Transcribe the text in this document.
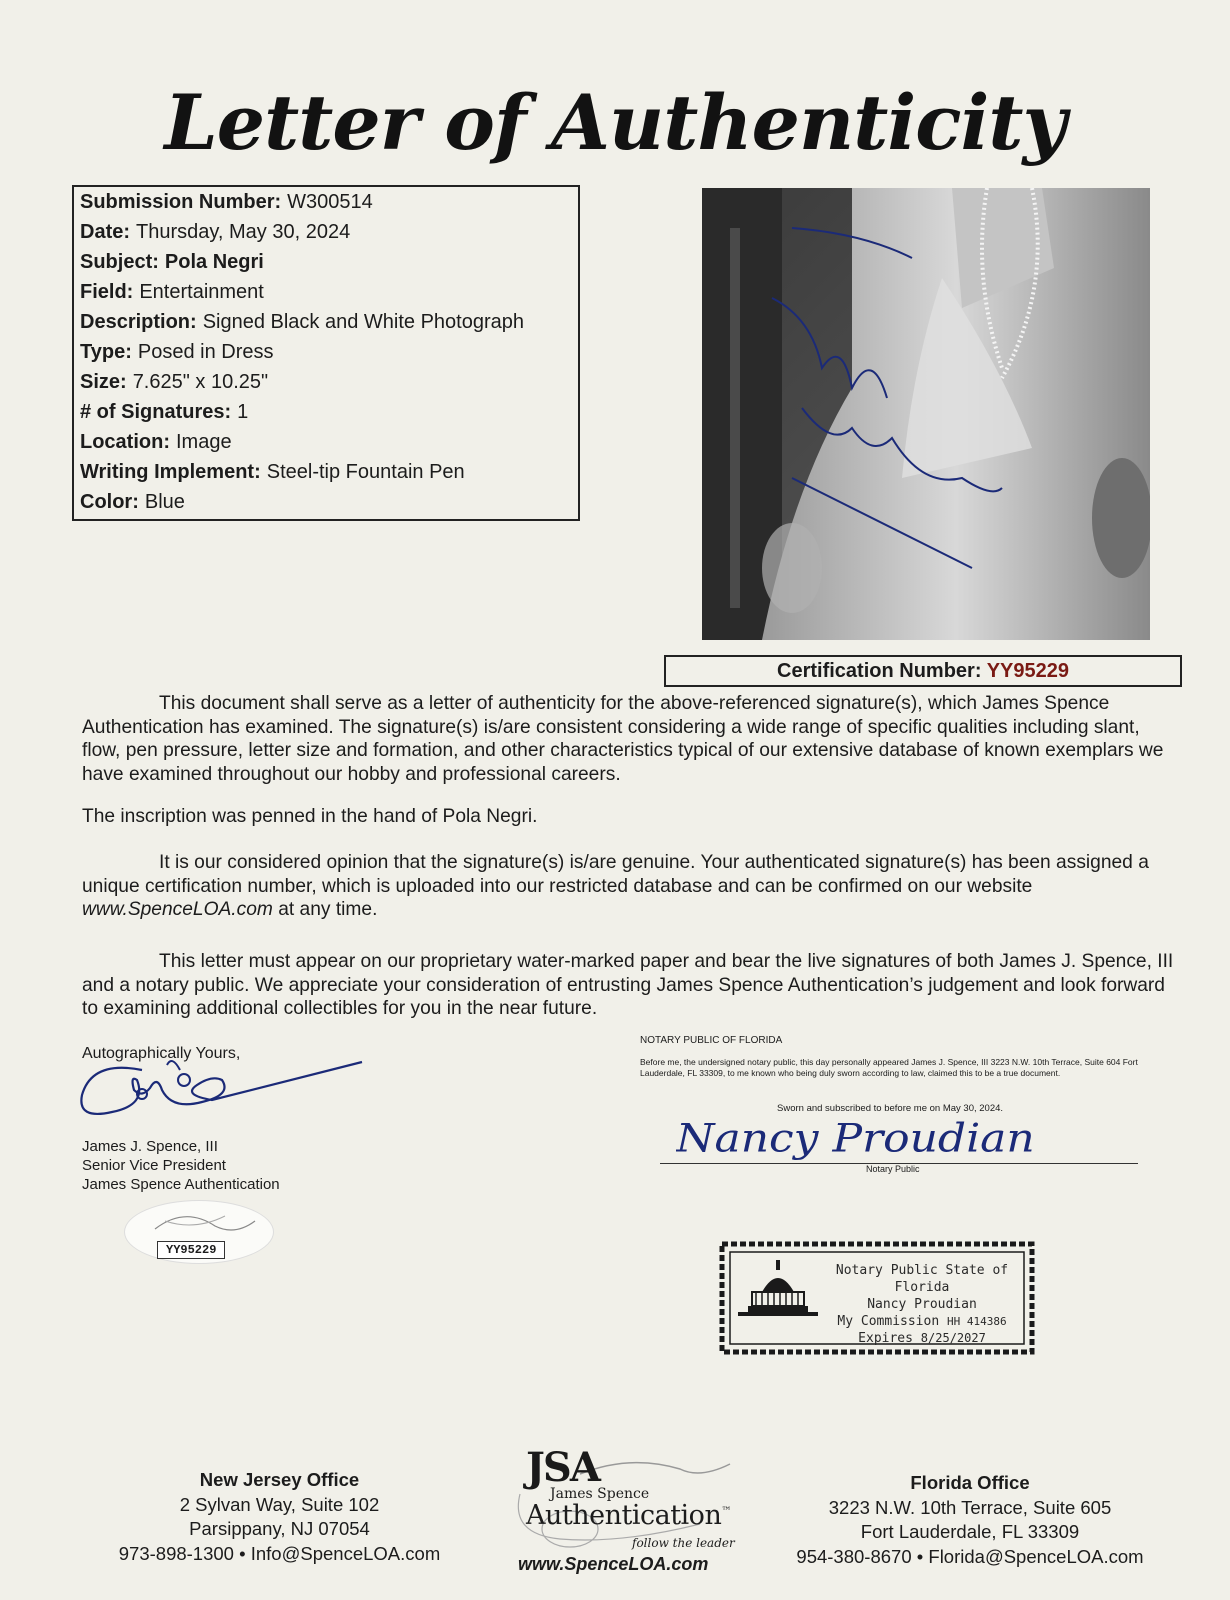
Letter of Authenticity
Submission Number: W300514
Date: Thursday, May 30, 2024
Subject: Pola Negri
Field: Entertainment
Description: Signed Black and White Photograph
Type: Posed in Dress
Size: 7.625" x 10.25"
# of Signatures: 1
Location: Image
Writing Implement: Steel-tip Fountain Pen
Color: Blue
Certification Number: YY95229
This document shall serve as a letter of authenticity for the above-referenced signature(s), which James Spence Authentication has examined. The signature(s) is/are consistent considering a wide range of specific qualities including slant, flow, pen pressure, letter size and formation, and other characteristics typical of our extensive database of known exemplars we have examined throughout our hobby and professional careers.
The inscription was penned in the hand of Pola Negri.
It is our considered opinion that the signature(s) is/are genuine. Your authenticated signature(s) has been assigned a unique certification number, which is uploaded into our restricted database and can be confirmed on our website www.SpenceLOA.com at any time.
This letter must appear on our proprietary water-marked paper and bear the live signatures of both James J. Spence, III and a notary public. We appreciate your consideration of entrusting James Spence Authentication’s judgement and look forward to examining additional collectibles for you in the near future.
Autographically Yours,
James J. Spence, III
Senior Vice President
James Spence Authentication
YY95229
NOTARY PUBLIC OF FLORIDA
Before me, the undersigned notary public, this day personally appeared James J. Spence, III 3223 N.W. 10th Terrace, Suite 604 Fort Lauderdale, FL 33309, to me known who being duly sworn according to law, claimed this to be a true document.
Sworn and subscribed to before me on May 30, 2024.
Nancy Proudian
Notary Public
Notary Public State of Florida
Nancy Proudian
My Commission HH 414386
Expires 8/25/2027
New Jersey Office
2 Sylvan Way, Suite 102
Parsippany, NJ 07054
973-898-1300 • Info@SpenceLOA.com
JSA
James Spence
Authentication™
follow the leader
www.SpenceLOA.com
Florida Office
3223 N.W. 10th Terrace, Suite 605
Fort Lauderdale, FL 33309
954-380-8670 • Florida@SpenceLOA.com
